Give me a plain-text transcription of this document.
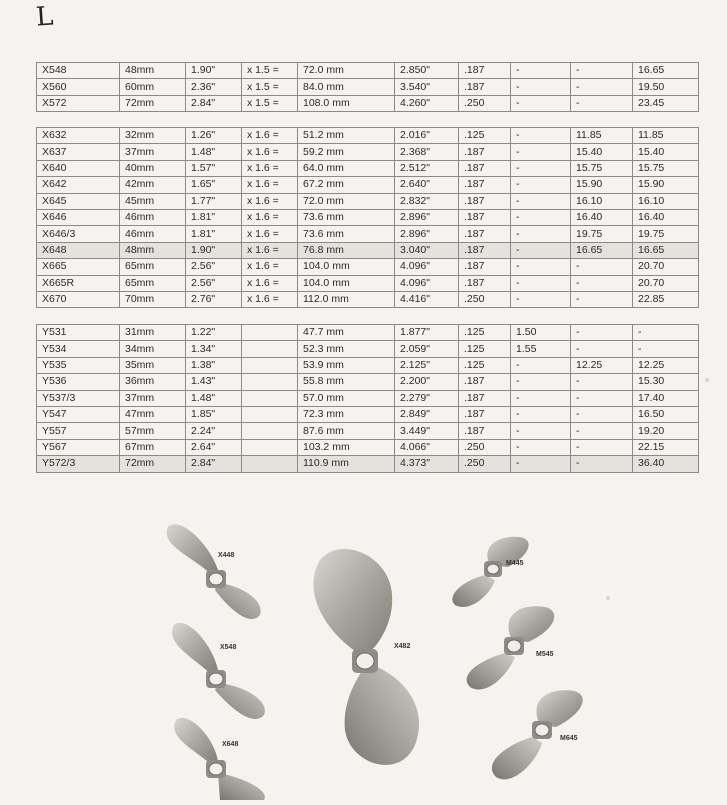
L
X548	48mm	1.90"	x 1.5 =	72.0 mm	2.850"	.187	-	-	16.65
X560	60mm	2.36"	x 1.5 =	84.0 mm	3.540"	.187	-	-	19.50
X572	72mm	2.84"	x 1.5 =	108.0 mm	4.260"	.250	-	-	23.45
X632	32mm	1.26"	x 1.6 =	51.2 mm	2.016"	.125	-	11.85	11.85
X637	37mm	1.48"	x 1.6 =	59.2 mm	2.368"	.187	-	15.40	15.40
X640	40mm	1.57"	x 1.6 =	64.0 mm	2.512"	.187	-	15.75	15.75
X642	42mm	1.65"	x 1.6 =	67.2 mm	2.640"	.187	-	15.90	15.90
X645	45mm	1.77"	x 1.6 =	72.0 mm	2.832"	.187	-	16.10	16.10
X646	46mm	1.81"	x 1.6 =	73.6 mm	2.896"	.187	-	16.40	16.40
X646/3	46mm	1.81"	x 1.6 =	73.6 mm	2.896"	.187	-	19.75	19.75
X648	48mm	1.90"	x 1.6 =	76.8 mm	3.040"	.187	-	16.65	16.65
X665	65mm	2.56"	x 1.6 =	104.0 mm	4.096"	.187	-	-	20.70
X665R	65mm	2.56"	x 1.6 =	104.0 mm	4.096"	.187	-	-	20.70
X670	70mm	2.76"	x 1.6 =	112.0 mm	4.416"	.250	-	-	22.85
Y531	31mm	1.22"		47.7 mm	1.877"	.125	1.50	-	-
Y534	34mm	1.34"		52.3 mm	2.059"	.125	1.55	-	-
Y535	35mm	1.38"		53.9 mm	2.125"	.125	-	12.25	12.25
Y536	36mm	1.43"		55.8 mm	2.200"	.187	-	-	15.30
Y537/3	37mm	1.48"		57.0 mm	2.279"	.187	-	-	17.40
Y547	47mm	1.85"		72.3 mm	2.849"	.187	-	-	16.50
Y557	57mm	2.24"		87.6 mm	3.449"	.187	-	-	19.20
Y567	67mm	2.64"		103.2 mm	4.066"	.250	-	-	22.15
Y572/3	72mm	2.84"		110.9 mm	4.373"	.250	-	-	36.40
X448
X548
X648
X482
M445
M545
M645
